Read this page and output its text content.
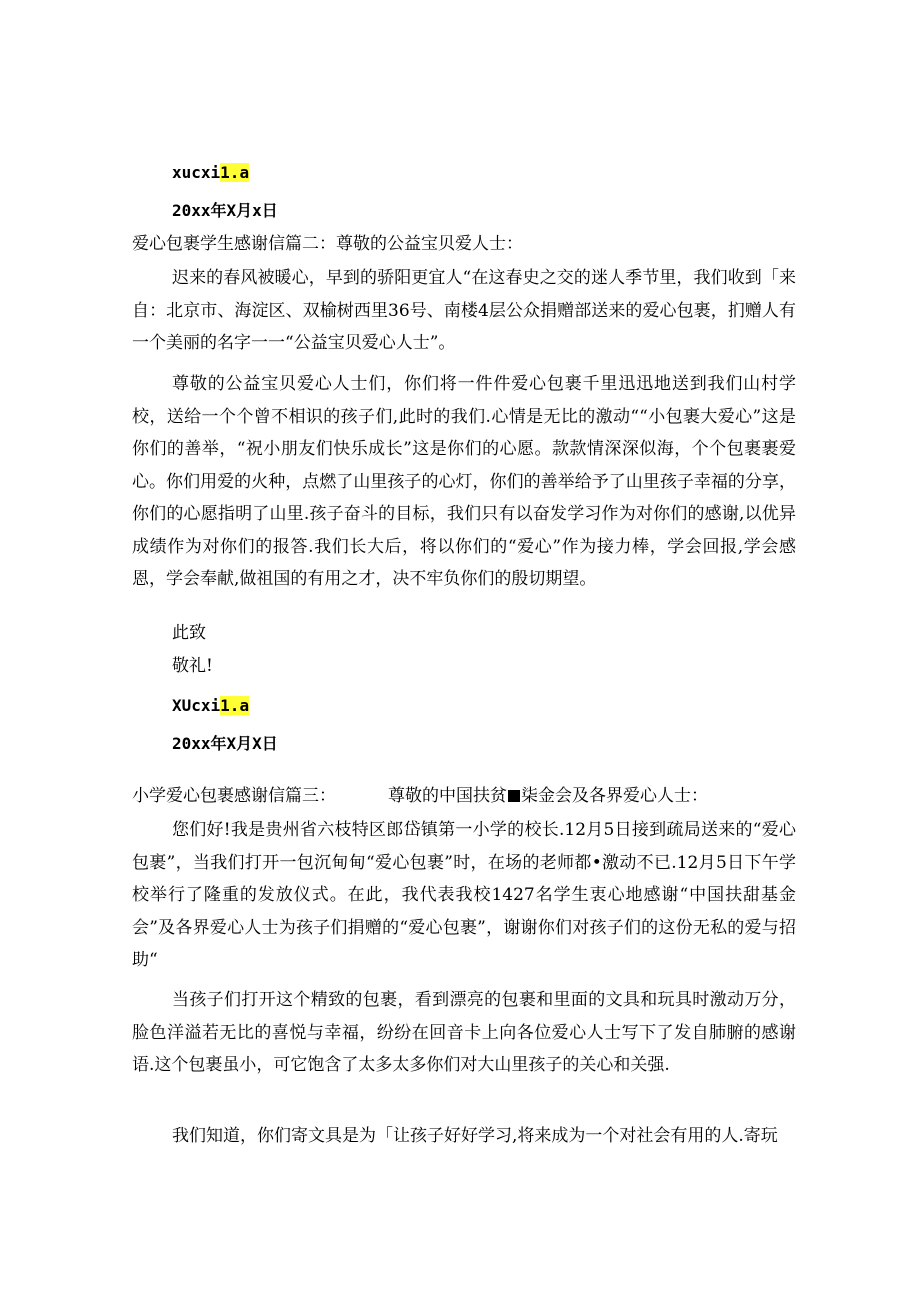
xucxi1.a
20xx年X月x日
爱心包裹学生感谢信篇二：尊敬的公益宝贝爱人士：

迟来的春风被暖心，早到的骄阳更宜人“在这春史之交的迷人季节里，我们收到「来自：北京市、海淀区、双榆树西里36号、南楼4层公众捐赠部送来的爱心包裹，扪赠人有一个美丽的名字一一“公益宝贝爱心人士”。

尊敬的公益宝贝爱心人士们，你们将一件件爱心包裹千里迅迅地送到我们山村学校，送给一个个曾不相识的孩子们,此时的我们.心情是无比的激动““小包裹大爱心”这是你们的善举，“祝小朋友们快乐成长”这是你们的心愿。款款情深深似海，个个包裹裹爱心。你们用爱的火种，点燃了山里孩子的心灯，你们的善举给予了山里孩子幸福的分享，你们的心愿指明了山里.孩子奋斗的目标，我们只有以奋发学习作为对你们的感谢,以优异成绩作为对你们的报答.我们长大后，将以你们的“爱心”作为接力棒，学会回报,学会感恩，学会奉献,做祖国的有用之才，决不牢负你们的殷切期望。

此致
敬礼!
XUcxi1.a
20xx年X月X日
小学爱心包裹感谢信篇三：	尊敬的中国扶贫 柒金会及各界爱心人士：

您们好!我是贵州省六枝特区郎岱镇第一小学的校长.12月5日接到疏局送来的“爱心包裹”，当我们打开一包沉甸甸“爱心包裹”时，在场的老师都•激动不已.12月5日下午学校举行了隆重的发放仪式。在此，我代表我校1427名学生衷心地感谢“中国扶甜基金会”及各界爱心人士为孩子们捐赠的“爱心包裹”，谢谢你们对孩子们的这份无私的爱与招助“

当孩子们打开这个精致的包裹，看到漂亮的包裹和里面的文具和玩具时激动万分，脸色洋溢若无比的喜悦与幸福，纷纷在回音卡上向各位爱心人士写下了发自肺腑的感谢语.这个包裹虽小，可它饱含了太多太多你们对大山里孩子的关心和关强.

我们知道，你们寄文具是为「让孩子好好学习,将来成为一个对社会有用的人.寄玩
